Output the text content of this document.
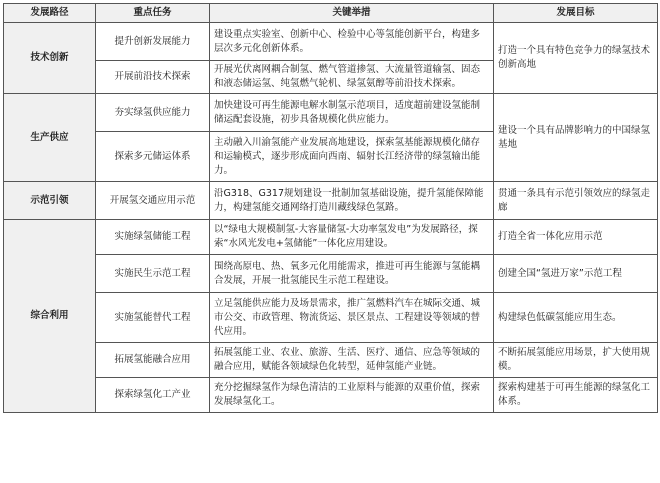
发展路径	重点任务	关键举措	发展目标
技术创新	提升创新发展能力	建设重点实验室、创新中心、检验中心等氢能创新平台，构建多层次多元化创新体系。	打造一个具有特色竞争力的绿氢技术创新高地
	开展前沿技术探索	开展光伏离网耦合制氢、燃气管道掺氢、大流量管道输氢、固态和液态储运氢、纯氢燃气轮机、绿氢氨醇等前沿技术探索。	
生产供应	夯实绿氢供应能力	加快建设可再生能源电解水制氢示范项目，适度超前建设氢能制储运配套设施，初步具备规模化供应能力。	建设一个具有品牌影响力的中国绿氢基地
	探索多元储运体系	主动融入川渝氢能产业发展高地建设，探索氢基能源规模化储存和运输模式，逐步形成面向西南、辐射长江经济带的绿氢输出能力。	
示范引领	开展氢交通应用示范	沿G318、G317规划建设一批制加氢基础设施，提升氢能保障能力，构建氢能交通网络打造川藏线绿色氢路。	贯通一条具有示范引领效应的绿氢走廊
综合利用	实施绿氢储能工程	以“绿电大规模制氢-大容量储氢-大功率氢发电”为发展路径，探索“水风光发电+氢储能”一体化应用建设。	打造全省一体化应用示范
	实施民生示范工程	围绕高原电、热、氧多元化用能需求，推进可再生能源与氢能耦合发展，开展一批氢能民生示范工程建设。	创建全国“氢进万家”示范工程
	实施氢能替代工程	立足氢能供应能力及场景需求，推广氢燃料汽车在城际交通、城市公交、市政管理、物流货运、景区景点、工程建设等领域的替代应用。	构建绿色低碳氢能应用生态。
	拓展氢能融合应用	拓展氢能工业、农业、旅游、生活、医疗、通信、应急等领域的融合应用，赋能各领域绿色化转型，延伸氢能产业链。	不断拓展氢能应用场景，扩大使用规模。
	探索绿氢化工产业	充分挖掘绿氢作为绿色清洁的工业原料与能源的双重价值，探索发展绿氢化工。	探索构建基于可再生能源的绿氢化工体系。
